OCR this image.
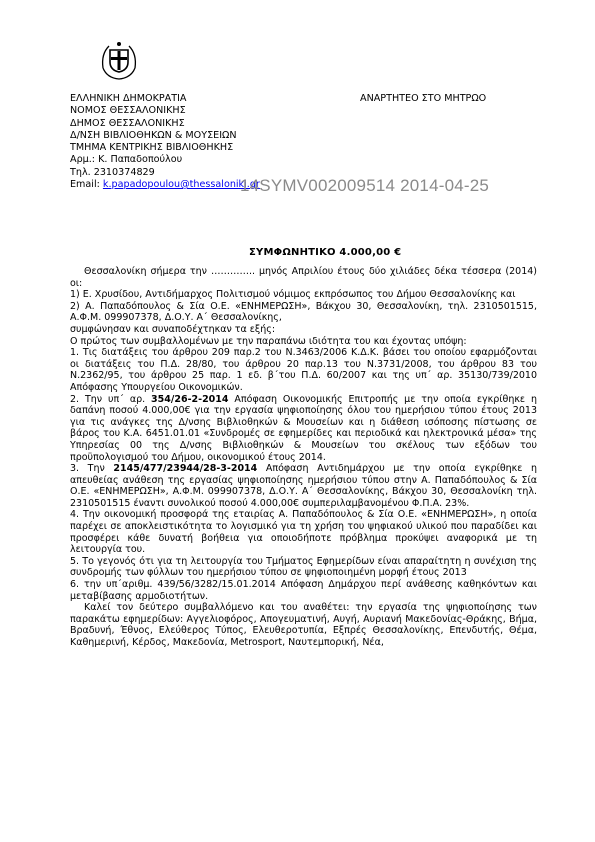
ΕΛΛΗΝΙΚΗ ΔΗΜΟΚΡΑΤΙΑ
ΝΟΜΟΣ ΘΕΣΣΑΛΟΝΙΚΗΣ
ΔΗΜΟΣ ΘΕΣΣΑΛΟΝΙΚΗΣ
Δ/ΝΣΗ ΒΙΒΛΙΟΘΗΚΩΝ & ΜΟΥΣΕΙΩΝ
ΤΜΗΜΑ ΚΕΝΤΡΙΚΗΣ ΒΙΒΛΙΟΘΗΚΗΣ
Αρμ.: Κ. Παπαδοπούλου
Τηλ. 2310374829
Email: k.papadopoulou@thessaloniki.gr
ΑΝΑΡΤΗΤΕΟ ΣΤΟ ΜΗΤΡΩΟ
14SYMV002009514 2014-04-25
ΣΥΜΦΩΝΗΤΙΚΟ 4.000,00 €

Θεσσαλονίκη σήμερα την ………….. μηνός Απριλίου έτους δύο χιλιάδες δέκα τέσσερα (2014) οι:

1) Ε. Χρυσίδου, Αντιδήμαρχος Πολιτισμού νόμιμος εκπρόσωπος του Δήμου Θεσσαλονίκης και

2) Α. Παπαδόπουλος & Σία Ο.Ε. «ΕΝΗΜΕΡΩΣΗ», Βάκχου 30, Θεσσαλονίκη, τηλ. 2310501515, Α.Φ.Μ. 099907378, Δ.Ο.Υ. Α΄ Θεσσαλονίκης,

συμφώνησαν και συναποδέχτηκαν τα εξής:

Ο πρώτος των συμβαλλομένων με την παραπάνω ιδιότητα του και έχοντας υπόψη:

1. Τις διατάξεις του άρθρου 209 παρ.2 του Ν.3463/2006 Κ.Δ.Κ. βάσει του οποίου εφαρμόζονται οι διατάξεις του Π.Δ. 28/80, του άρθρου 20 παρ.13 του Ν.3731/2008, του άρθρου 83 του Ν.2362/95, του άρθρου 25 παρ. 1 εδ. β΄του Π.Δ. 60/2007 και της υπ΄ αρ. 35130/739/2010 Απόφασης Υπουργείου Οικονομικών.

2. Την υπ΄ αρ. 354/26-2-2014 Απόφαση Οικονομικής Επιτροπής με την οποία εγκρίθηκε η δαπάνη ποσού 4.000,00€ για την εργασία ψηφιοποίησης όλου του ημερήσιου τύπου έτους 2013 για τις ανάγκες της Δ/νσης Βιβλιοθηκών & Μουσείων και η διάθεση ισόποσης πίστωσης σε βάρος του Κ.Α. 6451.01.01 «Συνδρομές σε εφημερίδες και περιοδικά και ηλεκτρονικά μέσα» της Υπηρεσίας 00 της Δ/νσης Βιβλιοθηκών & Μουσείων του σκέλους των εξόδων του προϋπολογισμού του Δήμου, οικονομικού έτους 2014.

3. Την 2145/477/23944/28-3-2014 Απόφαση Αντιδημάρχου με την οποία εγκρίθηκε η απευθείας ανάθεση της εργασίας ψηφιοποίησης ημερήσιου τύπου στην Α. Παπαδόπουλος & Σία Ο.Ε. «ΕΝΗΜΕΡΩΣΗ», Α.Φ.Μ. 099907378, Δ.Ο.Υ. Α΄ Θεσσαλονίκης, Βάκχου 30, Θεσσαλονίκη τηλ. 2310501515 έναντι συνολικού ποσού 4.000,00€ συμπεριλαμβανομένου Φ.Π.Α. 23%.

4. Την οικονομική προσφορά της εταιρίας Α. Παπαδόπουλος & Σία Ο.Ε. «ΕΝΗΜΕΡΩΣΗ», η οποία παρέχει σε αποκλειστικότητα το λογισμικό για τη χρήση του ψηφιακού υλικού που παραδίδει και προσφέρει κάθε δυνατή βοήθεια για οποιοδήποτε πρόβλημα προκύψει αναφορικά με τη λειτουργία του.

5. Το γεγονός ότι για τη λειτουργία του Τμήματος Εφημερίδων είναι απαραίτητη η συνέχιση της συνδρομής των φύλλων του ημερήσιου τύπου σε ψηφιοποιημένη μορφή έτους 2013

6. την υπ΄αριθμ. 439/56/3282/15.01.2014 Απόφαση Δημάρχου περί ανάθεσης καθηκόντων και μεταβίβασης αρμοδιοτήτων.

Καλεί τον δεύτερο συμβαλλόμενο και του αναθέτει: την εργασία της ψηφιοποίησης των παρακάτω εφημερίδων: Αγγελιοφόρος, Απογευματινή, Αυγή, Αυριανή Μακεδονίας-Θράκης, Βήμα, Βραδυνή, Έθνος, Ελεύθερος Τύπος, Ελευθεροτυπία, Εξπρές Θεσσαλονίκης, Επενδυτής, Θέμα, Καθημερινή, Κέρδος, Μακεδονία, Metrosport, Ναυτεμπορική, Νέα,
